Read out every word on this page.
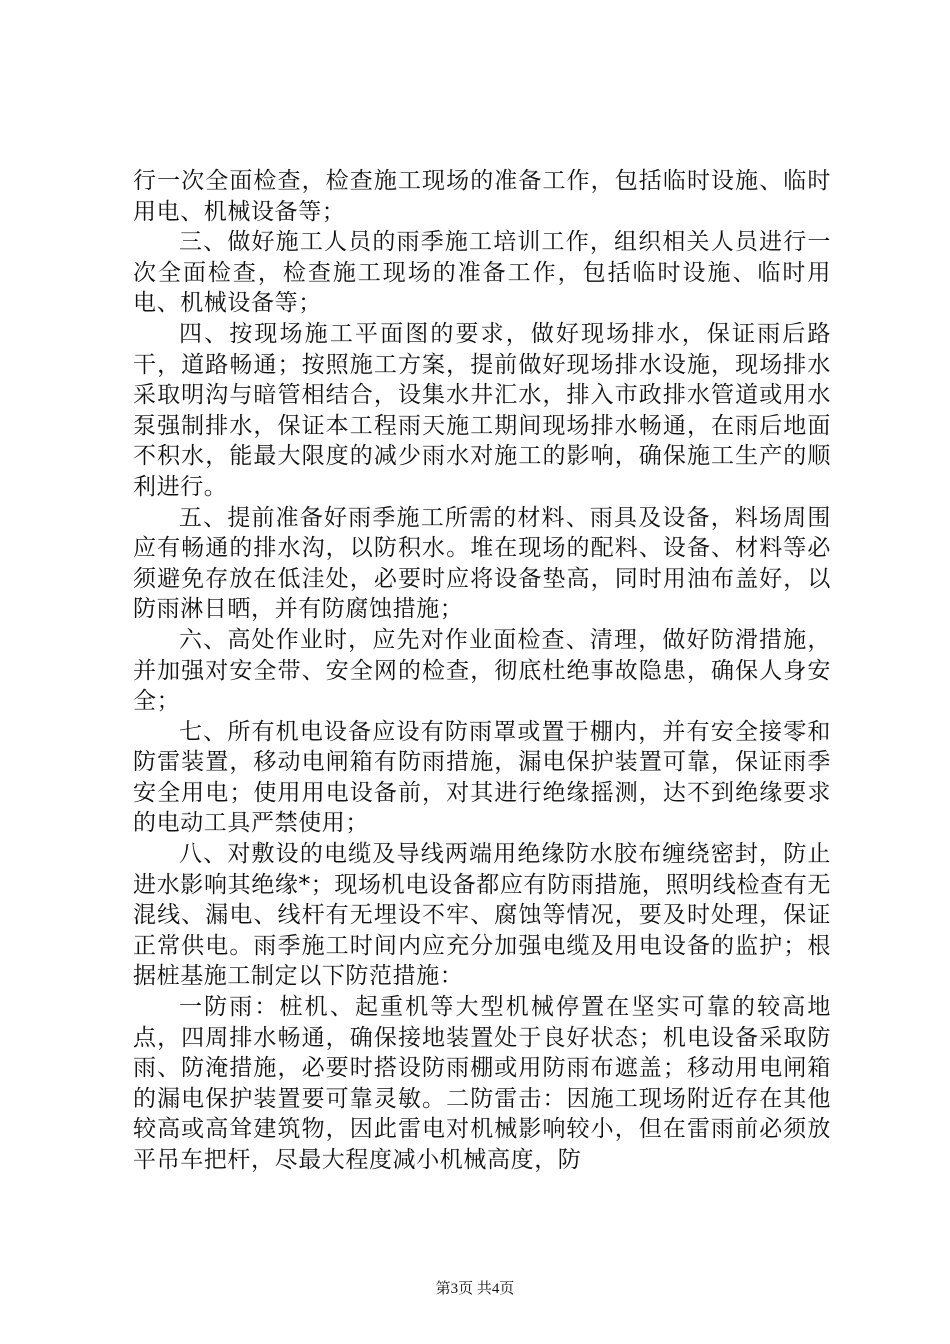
行一次全面检查，检查施工现场的准备工作，包括临时设施、临时用电、机械设备等；

三、做好施工人员的雨季施工培训工作，组织相关人员进行一次全面检查，检查施工现场的准备工作，包括临时设施、临时用电、机械设备等；

四、按现场施工平面图的要求，做好现场排水，保证雨后路干，道路畅通；按照施工方案，提前做好现场排水设施，现场排水采取明沟与暗管相结合，设集水井汇水，排入市政排水管道或用水泵强制排水，保证本工程雨天施工期间现场排水畅通，在雨后地面不积水，能最大限度的减少雨水对施工的影响，确保施工生产的顺利进行。

五、提前准备好雨季施工所需的材料、雨具及设备，料场周围应有畅通的排水沟，以防积水。堆在现场的配料、设备、材料等必须避免存放在低洼处，必要时应将设备垫高，同时用油布盖好，以防雨淋日晒，并有防腐蚀措施；

六、高处作业时，应先对作业面检查、清理，做好防滑措施，并加强对安全带、安全网的检查，彻底杜绝事故隐患，确保人身安全；

七、所有机电设备应设有防雨罩或置于棚内，并有安全接零和防雷装置，移动电闸箱有防雨措施，漏电保护装置可靠，保证雨季安全用电；使用用电设备前，对其进行绝缘摇测，达不到绝缘要求的电动工具严禁使用；

八、对敷设的电缆及导线两端用绝缘防水胶布缠绕密封，防止进水影响其绝缘*；现场机电设备都应有防雨措施，照明线检查有无混线、漏电、线杆有无埋设不牢、腐蚀等情况，要及时处理，保证正常供电。雨季施工时间内应充分加强电缆及用电设备的监护；根据桩基施工制定以下防范措施：

一防雨：桩机、起重机等大型机械停置在坚实可靠的较高地点，四周排水畅通，确保接地装置处于良好状态；机电设备采取防雨、防淹措施，必要时搭设防雨棚或用防雨布遮盖；移动用电闸箱的漏电保护装置要可靠灵敏。二防雷击：因施工现场附近存在其他较高或高耸建筑物，因此雷电对机械影响较小，但在雷雨前必须放平吊车把杆，尽最大程度减小机械高度，防

第3页 共4页
